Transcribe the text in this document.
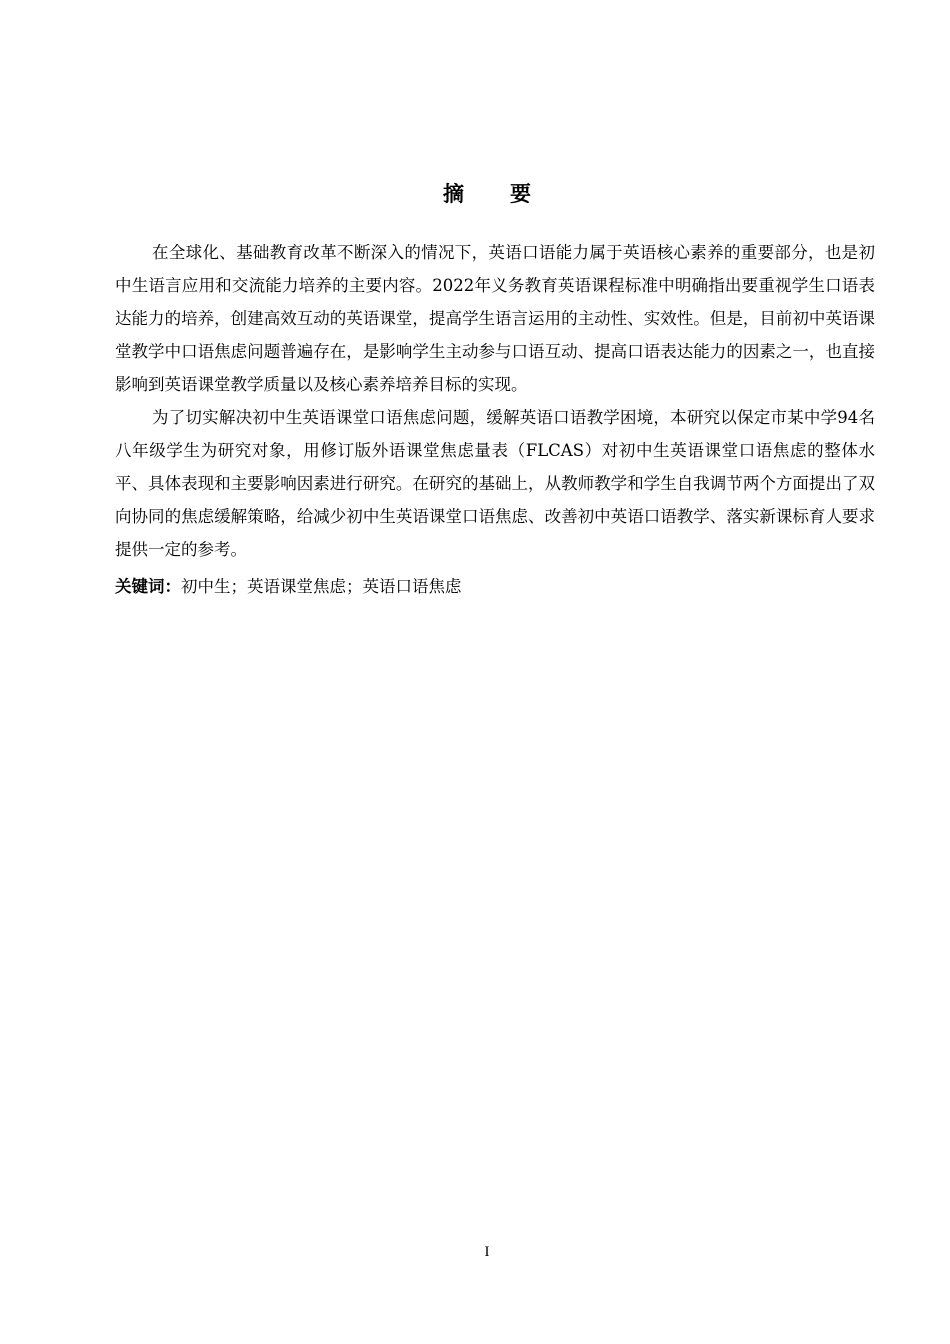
摘要

在全球化、基础教育改革不断深入的情况下，英语口语能力属于英语核心素养的重要部分，也是初中生语言应用和交流能力培养的主要内容。2022年义务教育英语课程标准中明确指出要重视学生口语表达能力的培养，创建高效互动的英语课堂，提高学生语言运用的主动性、实效性。但是，目前初中英语课堂教学中口语焦虑问题普遍存在，是影响学生主动参与口语互动、提高口语表达能力的因素之一，也直接影响到英语课堂教学质量以及核心素养培养目标的实现。

为了切实解决初中生英语课堂口语焦虑问题，缓解英语口语教学困境，本研究以保定市某中学94名八年级学生为研究对象，用修订版外语课堂焦虑量表（FLCAS）对初中生英语课堂口语焦虑的整体水平、具体表现和主要影响因素进行研究。在研究的基础上，从教师教学和学生自我调节两个方面提出了双向协同的焦虑缓解策略，给减少初中生英语课堂口语焦虑、改善初中英语口语教学、落实新课标育人要求提供一定的参考。

关键词：初中生；英语课堂焦虑；英语口语焦虑

I
